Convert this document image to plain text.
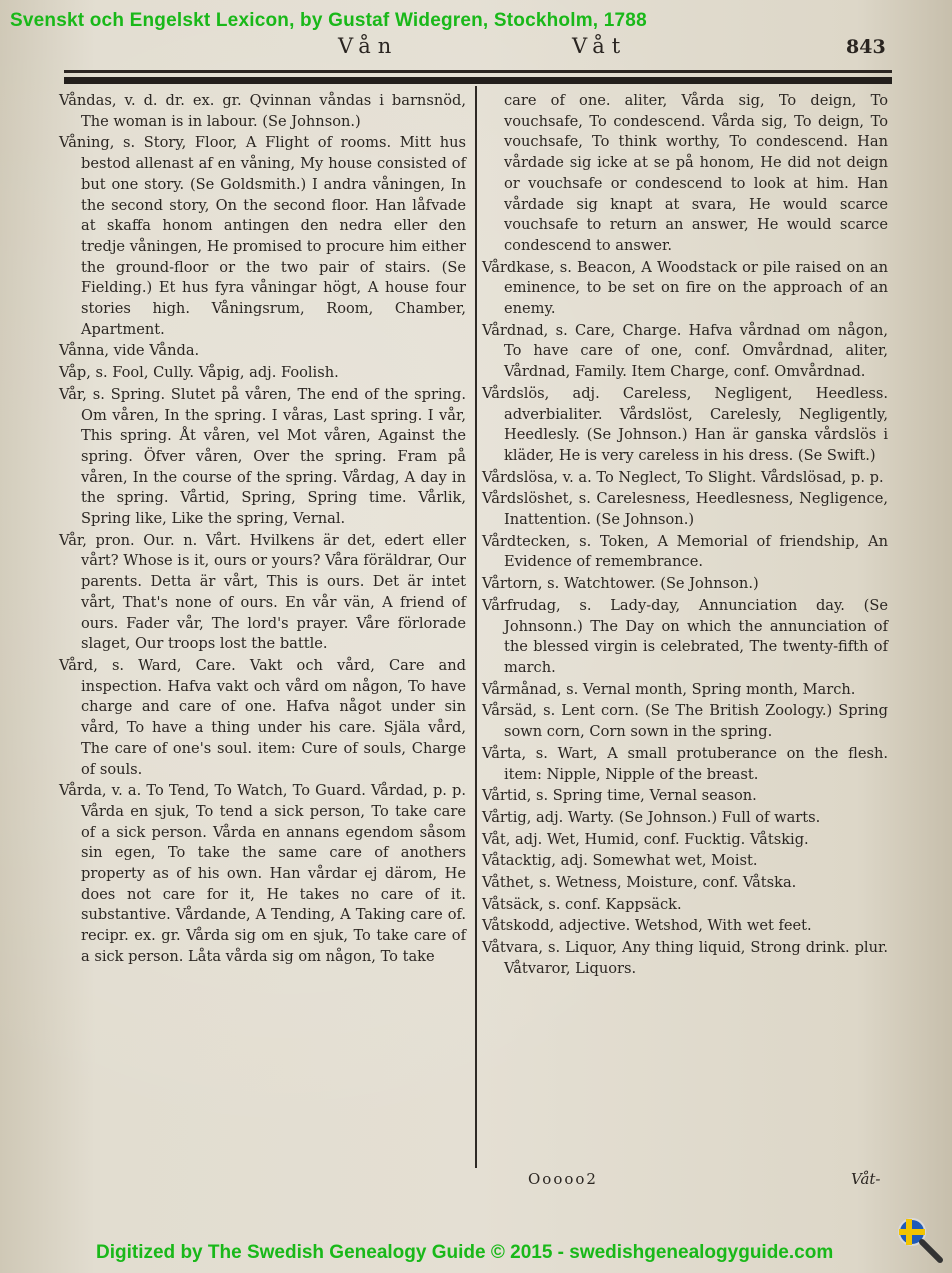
Svenskt och Engelskt Lexicon, by Gustaf Widegren, Stockholm, 1788
Vån	Våt	843

Våndas, v. d. dr. ex. gr. Qvinnan våndas i barnsnöd, The woman is in labour. (Se Johnson.)

Våning, s. Story, Floor, A Flight of rooms. Mitt hus bestod allenast af en våning, My house consisted of but one story. (Se Goldsmith.) I andra våningen, In the second story, On the second floor. Han låfvade at skaffa honom antingen den nedra eller den tredje våningen, He promised to procure him either the ground-floor or the two pair of stairs. (Se Fielding.) Et hus fyra våningar högt, A house four stories high. Våningsrum, Room, Chamber, Apartment.

Vånna, vide Vånda.

Våp, s. Fool, Cully. Våpig, adj. Foolish.

Vår, s. Spring. Slutet på våren, The end of the spring. Om våren, In the spring. I våras, Last spring. I vår, This spring. Åt våren, vel Mot våren, Against the spring. Öfver våren, Over the spring. Fram på våren, In the course of the spring. Vårdag, A day in the spring. Vårtid, Spring, Spring time. Vårlik, Spring like, Like the spring, Vernal.

Vår, pron. Our. n. Vårt. Hvilkens är det, edert eller vårt? Whose is it, ours or yours? Våra föräldrar, Our parents. Detta är vårt, This is ours. Det är intet vårt, That's none of ours. En vår vän, A friend of ours. Fader vår, The lord's prayer. Våre förlorade slaget, Our troops lost the battle.

Vård, s. Ward, Care. Vakt och vård, Care and inspection. Hafva vakt och vård om någon, To have charge and care of one. Hafva något under sin vård, To have a thing under his care. Själa vård, The care of one's soul. item: Cure of souls, Charge of souls.

Vårda, v. a. To Tend, To Watch, To Guard. Vårdad, p. p. Vårda en sjuk, To tend a sick person, To take care of a sick person. Vårda en annans egendom såsom sin egen, To take the same care of anothers property as of his own. Han vårdar ej därom, He does not care for it, He takes no care of it. substantive. Vårdande, A Tending, A Taking care of. recipr. ex. gr. Vårda sig om en sjuk, To take care of a sick person. Låta vårda sig om någon, To take

care of one. aliter, Vårda sig, To deign, To vouchsafe, To condescend. Vårda sig, To deign, To vouchsafe, To think worthy, To condescend. Han vårdade sig icke at se på honom, He did not deign or vouchsafe or condescend to look at him. Han vårdade sig knapt at svara, He would scarce vouchsafe to return an answer, He would scarce condescend to answer.

Vårdkase, s. Beacon, A Woodstack or pile raised on an eminence, to be set on fire on the approach of an enemy.

Vårdnad, s. Care, Charge. Hafva vårdnad om någon, To have care of one, conf. Omvårdnad, aliter, Vårdnad, Family. Item Charge, conf. Omvårdnad.

Vårdslös, adj. Careless, Negligent, Heedless. adverbialiter. Vårdslöst, Carelesly, Negligently, Heedlesly. (Se Johnson.) Han är ganska vårdslös i kläder, He is very careless in his dress. (Se Swift.)

Vårdslösa, v. a. To Neglect, To Slight. Vårdslösad, p. p.

Vårdslöshet, s. Carelesness, Heedlesness, Negligence, Inattention. (Se Johnson.)

Vårdtecken, s. Token, A Memorial of friendship, An Evidence of remembrance.

Vårtorn, s. Watchtower. (Se Johnson.)

Vårfrudag, s. Lady-day, Annunciation day. (Se Johnsonn.) The Day on which the annunciation of the blessed virgin is celebrated, The twenty-fifth of march.

Vårmånad, s. Vernal month, Spring month, March.

Vårsäd, s. Lent corn. (Se The British Zoology.) Spring sown corn, Corn sown in the spring.

Vårta, s. Wart, A small protuberance on the flesh. item: Nipple, Nipple of the breast.

Vårtid, s. Spring time, Vernal season.

Vårtig, adj. Warty. (Se Johnson.) Full of warts.

Våt, adj. Wet, Humid, conf. Fucktig. Våtskig.

Våtacktig, adj. Somewhat wet, Moist.

Våthet, s. Wetness, Moisture, conf. Våtska.

Våtsäck, s. conf. Kappsäck.

Våtskodd, adjective. Wetshod, With wet feet.

Våtvara, s. Liquor, Any thing liquid, Strong drink. plur. Våtvaror, Liquors.

Ooooo2	Våt-
Digitized by The Swedish Genealogy Guide © 2015 - swedishgenealogyguide.com
